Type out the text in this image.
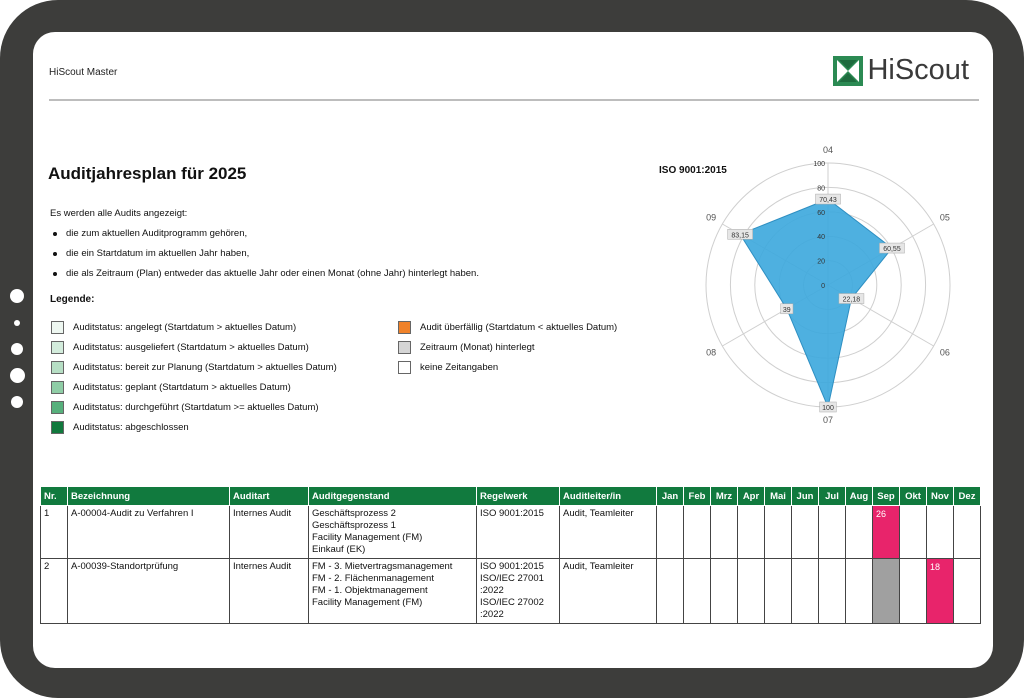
HiScout Master	HiScout
Auditjahresplan für 2025
Es werden alle Audits angezeigt:
die zum aktuellen Auditprogramm gehören,
die ein Startdatum im aktuellen Jahr haben,
die als Zeitraum (Plan) entweder das aktuelle Jahr oder einen Monat (ohne Jahr) hinterlegt haben.
Legende:
Auditstatus: angelegt (Startdatum > aktuelles Datum)
Auditstatus: ausgeliefert (Startdatum > aktuelles Datum)
Auditstatus: bereit zur Planung (Startdatum > aktuelles Datum)
Auditstatus: geplant (Startdatum > aktuelles Datum)
Auditstatus: durchgeführt (Startdatum >= aktuelles Datum)
Auditstatus: abgeschlossen
Audit überfällig (Startdatum < aktuelles Datum)
Zeitraum (Monat) hinterlegt
keine Zeitangaben
0
20
40
60
80
100
05
06
07
08
09
04
60,55
22,18
100
39
83,15
70,43
ISO 9001:2015
Nr.	Bezeichnung	Auditart	Auditgegenstand	Regelwerk	Auditleiter/in	Jan	Feb	Mrz	Apr	Mai	Jun	Jul	Aug	Sep	Okt	Nov	Dez
1	A-00004-Audit zu Verfahren I	Internes Audit	Geschäftsprozess 2
Geschäftsprozess 1
Facility Management (FM)
Einkauf (EK)	ISO 9001:2015	Audit, Teamleiter									26			

2	A-00039-Standortprüfung	Internes Audit	FM - 3. Mietvertragsmanagement
FM - 2. Flächenmanagement
FM - 1. Objektmanagement
Facility Management (FM)	ISO 9001:2015
ISO/IEC 27001
:2022
ISO/IEC 27002
:2022	Audit, Teamleiter											18	
